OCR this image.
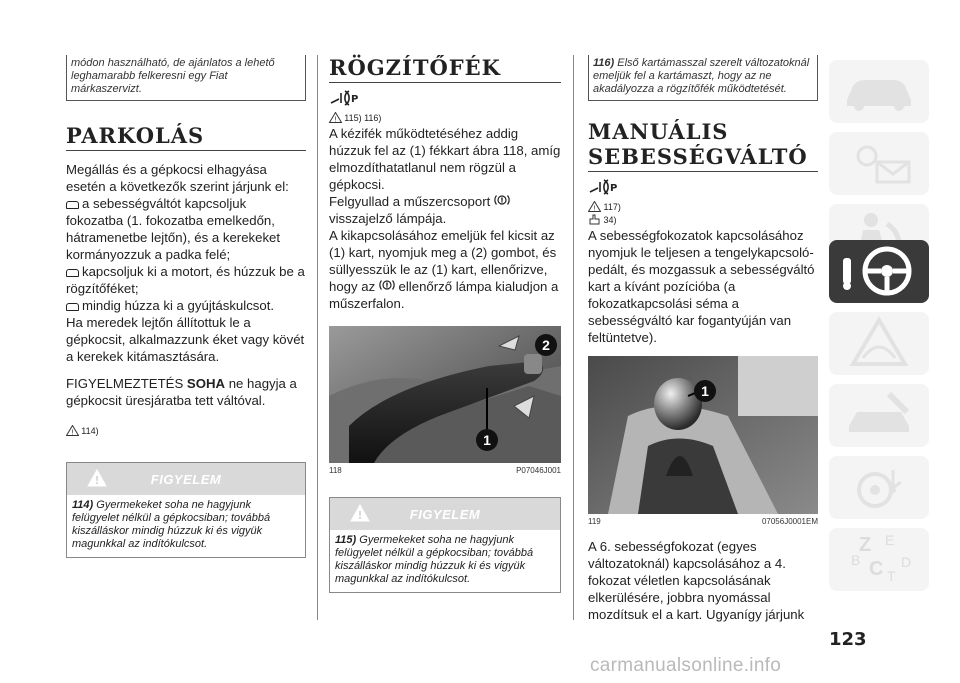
módon használható, de ajánlatos a lehető leghamarabb felkeresni egy Fiat márkaszervizt.
PARKOLÁS
Megállás és a gépkocsi elhagyása esetén a következők szerint járjunk el:
a sebességváltót kapcsoljuk fokozatba (1. fokozatba emelkedőn, hátramenetbe lejtőn), és a kerekeket kormányozzuk a padka felé;
kapcsoljuk ki a motort, és húzzuk be a rögzítőféket;
mindig húzza ki a gyújtáskulcsot.
Ha meredek lejtőn állítottuk le a gépkocsit, alkalmazzunk éket vagy kövét a kerekek kitámasztására.
FIGYELMEZTETÉS SOHA ne hagyja a gépkocsit üresjáratba tett váltóval.
! 114)
!	FIGYELEM
114) Gyermekeket soha ne hagyjunk felügyelet nélkül a gépkocsiban; továbbá kiszálláskor mindig húzzuk ki és vigyük magunkkal az indítókulcsot.
RÖGZÍTŐFÉK
P
! 115) 116)
A kézifék működtetéséhez addig húzzuk fel az (1) fékkart ábra 118, amíg elmozdíthatatlanul nem rögzül a gépkocsi.
Felgyullad a műszercsoport !

visszajelző lámpája.
A kikapcsolásához emeljük fel kicsit az (1) kart, nyomjuk meg a (2) gombot, és süllyesszük le az (1) kart, ellenőrizve, hogy az ! ellenőrző lámpa kialudjon a műszerfalon.
2
1
118	P07046J001
!	FIGYELEM
115) Gyermekeket soha ne hagyjunk felügyelet nélkül a gépkocsiban; továbbá kiszálláskor mindig húzzuk ki és vigyük magunkkal az indítókulcsot.
116) Első kartámasszal szerelt változatoknál emeljük fel a kartámaszt, hogy az ne akadályozza a rögzítőfék működtetését.
MANUÁLIS
SEBESSÉGVÁLTÓ
P
! 117)
34)
A sebességfokozatok kapcsolásához nyomjuk le teljesen a tengelykapcsoló-pedált, és mozgassuk a sebességváltó kart a kívánt pozícióba (a fokozatkapcsolási séma a sebességváltó kar fogantyúján van feltüntetve).
1
119	07056J0001EM
A 6. sebességfokozat (egyes változatoknál) kapcsolásához a 4. fokozat véletlen kapcsolásának elkerülésére, jobbra nyomással mozdítsuk el a kart. Ugyanígy járjunk
Z E
B C T
D
123
carmanualsonline.info
